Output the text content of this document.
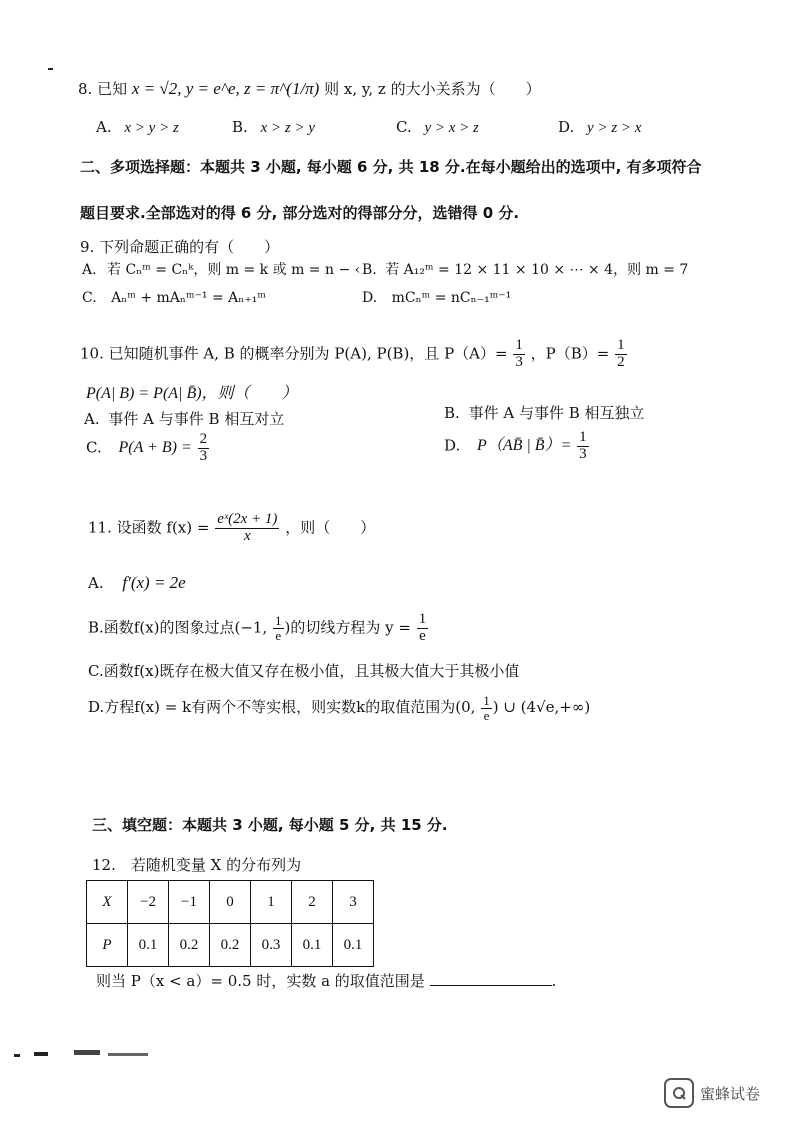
8. 已知 x = √2, y = e^e, z = π^(1/π) 则 x, y, z 的大小关系为（　　）
A. x > y > z	B. x > z > y	C. y > x > z	D. y > z > x
二、多项选择题：本题共 3 小题, 每小题 6 分, 共 18 分.在每小题给出的选项中, 有多项符合
题目要求.全部选对的得 6 分, 部分选对的得部分分，选错得 0 分.
9. 下列命题正确的有（　　）
A. 若 Cₙᵐ = Cₙᵏ，则 m = k 或 m = n − ‹ B. 若 A₁₂ᵐ = 12 × 11 × 10 × ⋯ × 4，则 m = 7
C. Aₙᵐ + mAₙᵐ⁻¹ = Aₙ₊₁ᵐ	D. mCₙᵐ = nCₙ₋₁ᵐ⁻¹
10. 已知随机事件 A, B 的概率分别为 P(A), P(B)，且 $P(A)= \frac{1}{3}$ ，$P(B)= \frac{1}{2}$
P(A| B) = P(A| B̄)，则（　　）
A. 事件 A 与事件 B 相互对立	B. 事件 A 与事件 B 相互独立
C. $P(A + B) = \frac{2}{3}$	D. P（AB̄ | B̄）= $\frac{1}{3}$
11. 设函数 $f(x) = \frac{\text{eˣ(2x + 1)}}{x}$ ，则（　　）
A. f′(x) = 2e
B.函数f(x)的图象过点(−1, $\frac{1}{e}$ )的切线方程为 $y = \frac{1}{e}$
C.函数f(x)既存在极大值又存在极小值，且其极大值大于其极小值
D.方程f(x) = k有两个不等实根，则实数k的取值范围为(0, $\frac{1}{e}$ ) ∪ (4√e,+∞)
三、填空题：本题共 3 小题, 每小题 5 分, 共 15 分.
12.　若随机变量 X 的分布列为
X	−2	−1	0	1	2	3
P	0.1	0.2	0.2	0.3	0.1	0.1
则当 P（x < a）= 0.5 时，实数 a 的取值范围是	.
蜜蜂试卷
